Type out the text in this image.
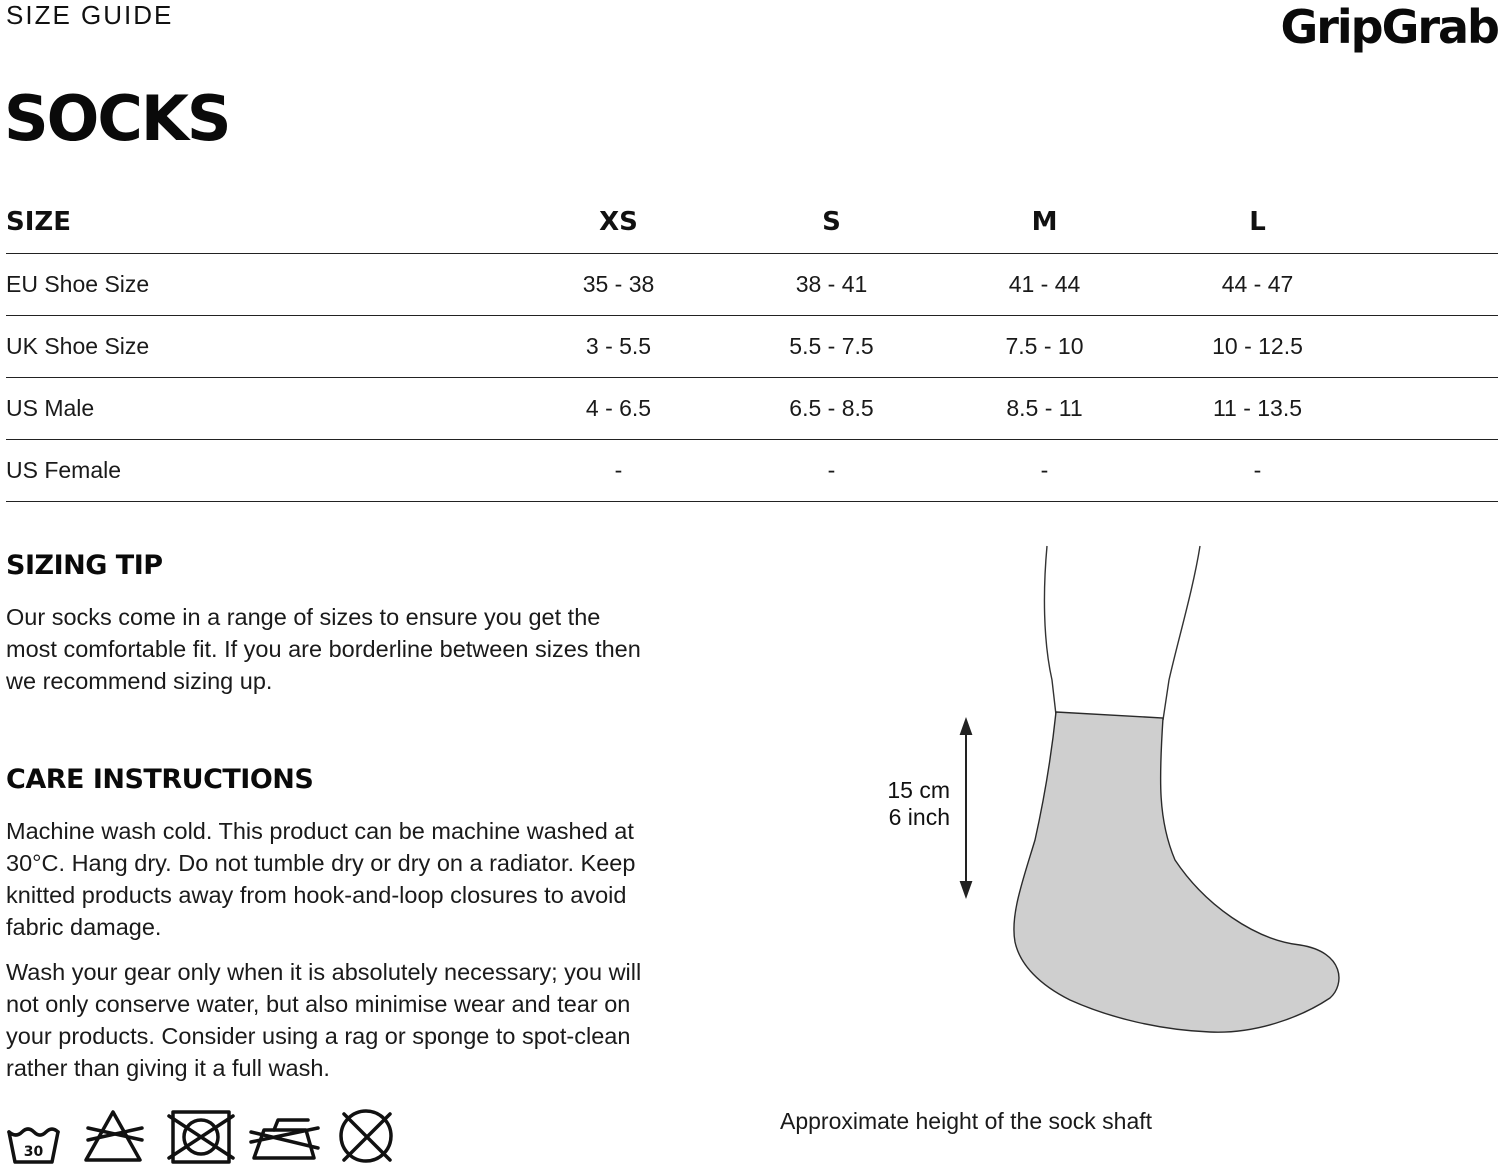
SIZE GUIDE	GripGrab
SOCKS
SIZE	XS	S	M	L	
EU Shoe Size	35 - 38	38 - 41	41 - 44	44 - 47	
UK Shoe Size	3 - 5.5	5.5 - 7.5	7.5 - 10	10 - 12.5	
US Male	4 - 6.5	6.5 - 8.5	8.5 - 11	11 - 13.5	
US Female	-	-	-	-	
SIZING TIP
Our socks come in a range of sizes to ensure you get the
most comfortable fit. If you are borderline between sizes then
we recommend sizing up.
CARE INSTRUCTIONS
Machine wash cold. This product can be machine washed at
30°C. Hang dry. Do not tumble dry or dry on a radiator. Keep
knitted products away from hook-and-loop closures to avoid
fabric damage.
Wash your gear only when it is absolutely necessary; you will
not only conserve water, but also minimise wear and tear on
your products. Consider using a rag or sponge to spot-clean
rather than giving it a full wash.
30
15 cm
6 inch
Approximate height of the sock shaft
